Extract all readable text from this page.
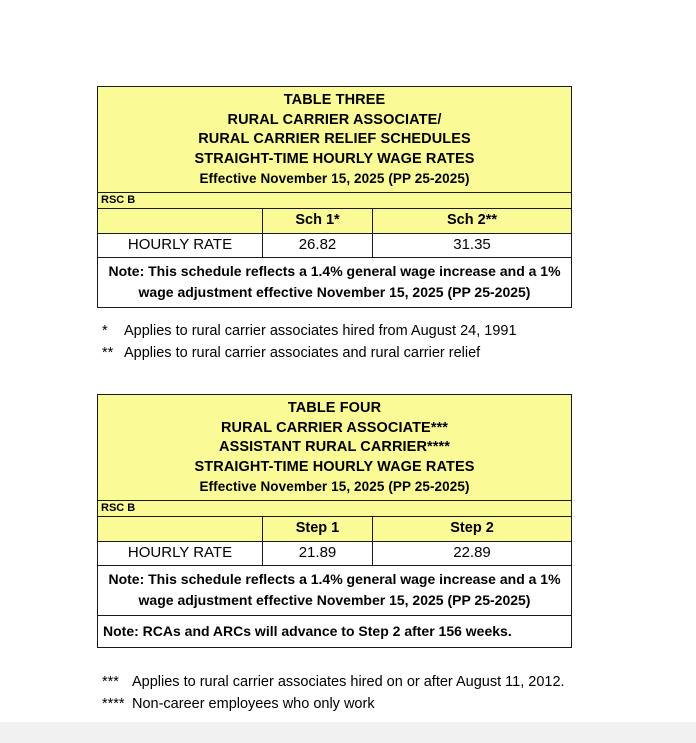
TABLE THREE
RURAL CARRIER ASSOCIATE/
RURAL CARRIER RELIEF SCHEDULES
STRAIGHT-TIME HOURLY WAGE RATES
Effective November 15, 2025 (PP 25-2025)		

RSC B		
	Sch 1*	Sch 2**
HOURLY RATE	26.82	31.35
Note: This schedule reflects a 1.4% general wage increase and a 1% wage adjustment effective November 15, 2025 (PP 25-2025)		
* Applies to rural carrier associates hired from August 24, 1991
** Applies to rural carrier associates and rural carrier relief
TABLE FOUR
RURAL CARRIER ASSOCIATE***
ASSISTANT RURAL CARRIER****
STRAIGHT-TIME HOURLY WAGE RATES
Effective November 15, 2025 (PP 25-2025)		

RSC B		
	Step 1	Step 2
HOURLY RATE	21.89	22.89
Note: This schedule reflects a 1.4% general wage increase and a 1% wage adjustment effective November 15, 2025 (PP 25-2025)		
Note: RCAs and ARCs will advance to Step 2 after 156 weeks.		
*** Applies to rural carrier associates hired on or after August 11, 2012.
**** Non-career employees who only work
